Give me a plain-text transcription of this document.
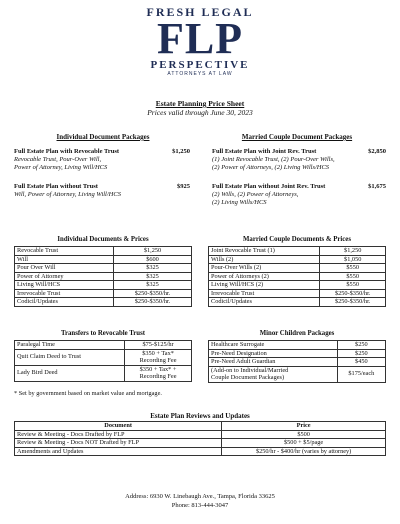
FRESH LEGAL
FLP
PERSPECTIVE
ATTORNEYS AT LAW
Estate Planning Price Sheet
Prices valid through June 30, 2023
Individual Document Packages
Full Estate Plan with Revocable Trust	$1,250
Revocable Trust, Pour-Over Will,
Power of Attorney, Living Will/HCS
Full Estate Plan without Trust	$925
Will, Power of Attorney, Living Will/HCS
Married Couple Document Packages
Full Estate Plan with Joint Rev. Trust	$2,850
(1) Joint Revocable Trust, (2) Pour-Over Wills,
(2) Power of Attorneys, (2) Living Wills/HCS
Full Estate Plan without Joint Rev. Trust	$1,675
(2) Wills, (2) Power of Attorneys,
(2) Living Wills/HCS
Individual Documents & Prices
Revocable Trust	$1,250
Will	$600
Pour Over Will	$325
Power of Attorney	$325
Living Will/HCS	$325
Irrevocable Trust	$250-$350/hr.
Codicil/Updates	$250-$350/hr.
Married Couple Documents & Prices
Joint Revocable Trust (1)	$1,250
Wills (2)	$1,050
Pour-Over Wills (2)	$550
Power of Attorneys (2)	$550
Living Will/HCS (2)	$550
Irrevocable Trust	$250-$350/hr.
Codicil/Updates	$250-$350/hr.
Transfers to Revocable Trust
Paralegal Time	$75-$125/hr
Quit Claim Deed to Trust	$350 + Tax*
Recording Fee
Lady Bird Deed	$350 + Tax* +
Recording Fee
Minor Children Packages
Healthcare Surrogate	$250
Pre-Need Designation	$250
Pre-Need Adult Guardian	$450
(Add-on to Individual/Married
Couple Document Packages)	$175/each
* Set by government based on market value and mortgage.
Estate Plan Reviews and Updates
Document	Price
Review & Meeting - Docs Drafted by FLP	$500
Review & Meeting - Docs NOT Drafted by FLP	$500 + $5/page
Amendments and Updates	$250/hr - $400/hr (varies by attorney)
Address: 6930 W. Linebaugh Ave., Tampa, Florida 33625
Phone: 813-444-3047
